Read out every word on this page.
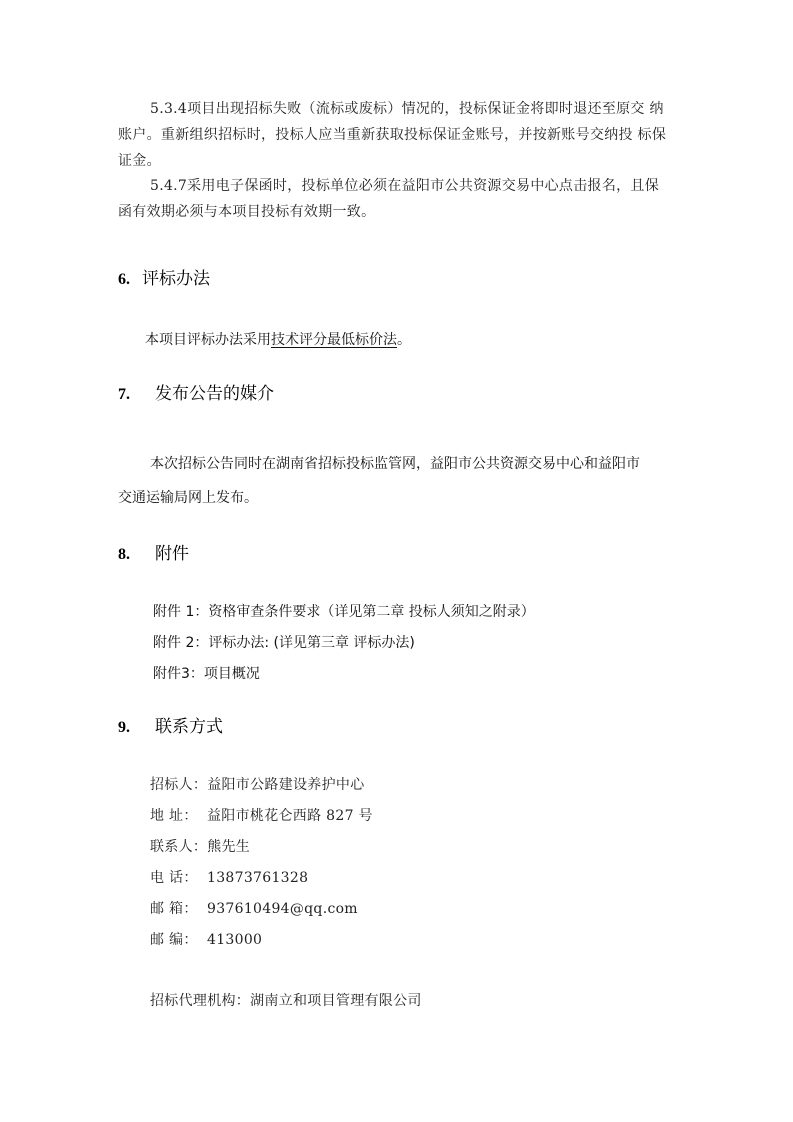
5.3.4项目出现招标失败（流标或废标）情况的，投标保证金将即时退还至原交 纳
账户。重新组织招标时，投标人应当重新获取投标保证金账号，并按新账号交纳投 标保
证金。
5.4.7采用电子保函时，投标单位必须在益阳市公共资源交易中心点击报名，且保
函有效期必须与本项目投标有效期一致。
6. 评标办法
本项目评标办法采用技术评分最低标价法。
7. 发布公告的媒介
本次招标公告同时在湖南省招标投标监管网，益阳市公共资源交易中心和益阳市
交通运输局网上发布。
8. 附件
附件 1：资格审查条件要求（详见第二章 投标人须知之附录）
附件 2：评标办法: (详见第三章 评标办法)
附件3：项目概况
9. 联系方式
招标人：益阳市公路建设养护中心
地 址： 益阳市桃花仑西路 827 号
联系人：熊先生
电 话： 13873761328
邮 箱： 937610494@qq.com
邮 编： 413000
招标代理机构：湖南立和项目管理有限公司
